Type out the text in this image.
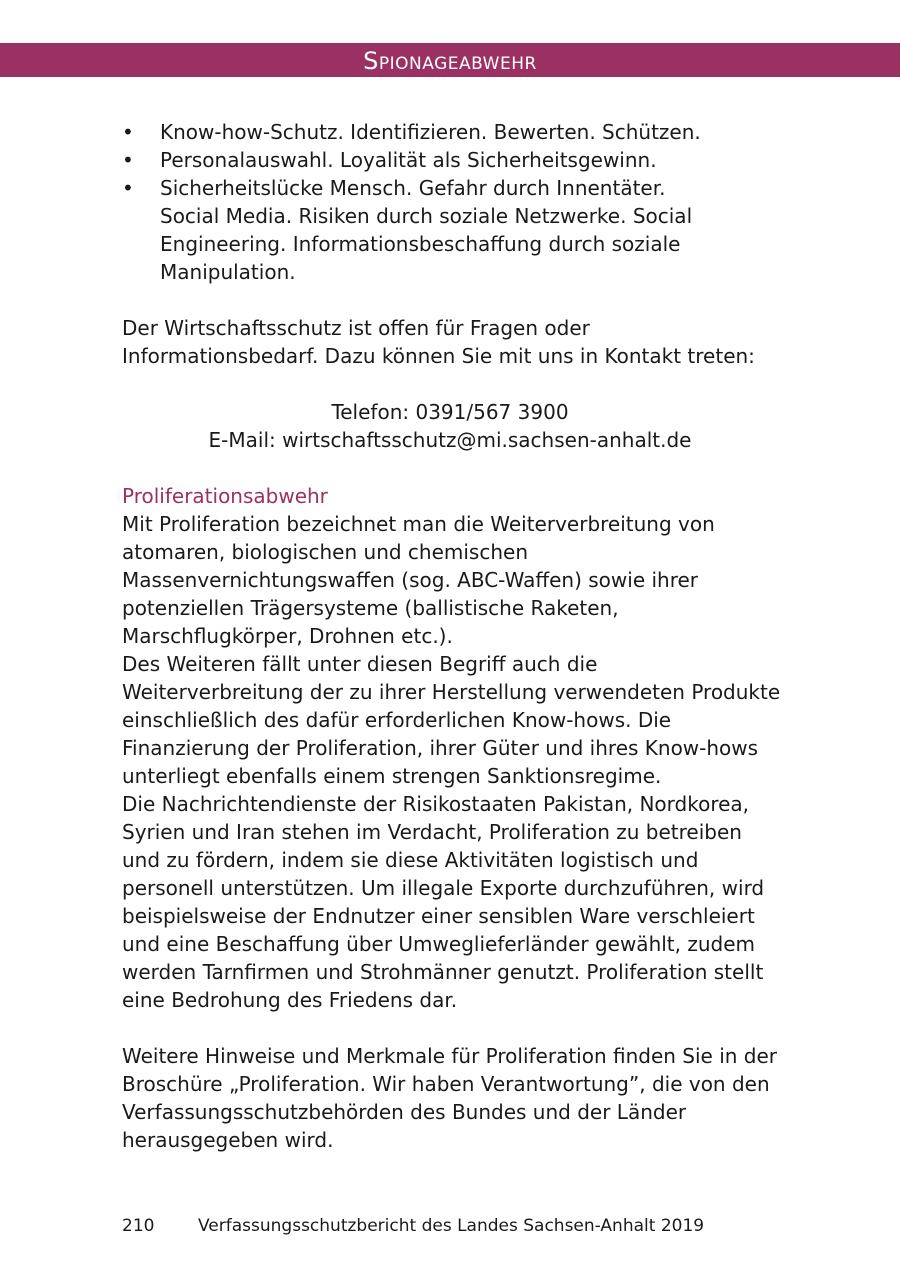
Spionageabwehr
• Know-how-Schutz. Identifizieren. Bewerten. Schützen.
• Personalauswahl. Loyalität als Sicherheitsgewinn.
• Sicherheitslücke Mensch. Gefahr durch Innentäter.
Social Media. Risiken durch soziale Netzwerke. Social Engineering. Informationsbeschaffung durch soziale Manipulation.

Der Wirtschaftsschutz ist offen für Fragen oder Informationsbedarf. Dazu können Sie mit uns in Kontakt treten:

Telefon: 0391/567 3900
E-Mail: wirtschaftsschutz@mi.sachsen-anhalt.de
Proliferationsabwehr

Mit Proliferation bezeichnet man die Weiterverbreitung von atomaren, biologischen und chemischen Massenvernichtungswaffen (sog. ABC-Waffen) sowie ihrer potenziellen Trägersysteme (ballistische Raketen, Marschflugkörper, Drohnen etc.).

Des Weiteren fällt unter diesen Begriff auch die Weiterverbreitung der zu ihrer Herstellung verwendeten Produkte einschließlich des dafür erforderlichen Know-hows. Die Finanzierung der Proliferation, ihrer Güter und ihres Know-hows unterliegt ebenfalls einem strengen Sanktionsregime.

Die Nachrichtendienste der Risikostaaten Pakistan, Nordkorea, Syrien und Iran stehen im Verdacht, Proliferation zu betreiben und zu fördern, indem sie diese Aktivitäten logistisch und personell unterstützen. Um illegale Exporte durchzuführen, wird beispielsweise der Endnutzer einer sensiblen Ware verschleiert und eine Beschaffung über Umweglieferländer gewählt, zudem werden Tarnfirmen und Strohmänner genutzt. Proliferation stellt eine Bedrohung des Friedens dar.

Weitere Hinweise und Merkmale für Proliferation finden Sie in der Broschüre „Proliferation. Wir haben Verantwortung”, die von den Verfassungsschutzbehörden des Bundes und der Länder herausgegeben wird.

210	Verfassungsschutzbericht des Landes Sachsen-Anhalt 2019
